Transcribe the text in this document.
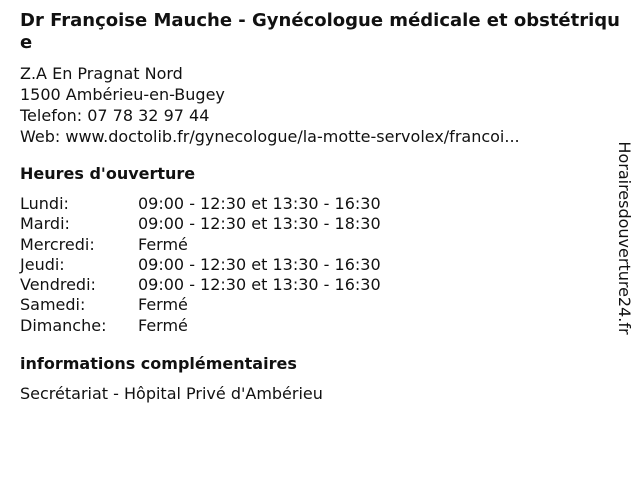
Dr Françoise Mauche - Gynécologue médicale et obstétrique
Z.A En Pragnat Nord
1500 Ambérieu-en-Bugey
Telefon: 07 78 32 97 44
Web: www.doctolib.fr/gynecologue/la-motte-servolex/francoi...
Heures d'ouverture
Lundi:	09:00 - 12:30 et 13:30 - 16:30
Mardi:	09:00 - 12:30 et 13:30 - 18:30
Mercredi:	Fermé
Jeudi:	09:00 - 12:30 et 13:30 - 16:30
Vendredi:	09:00 - 12:30 et 13:30 - 16:30
Samedi:	Fermé
Dimanche:	Fermé
informations complémentaires
Secrétariat - Hôpital Privé d'Ambérieu
Horairesdouverture24.fr
